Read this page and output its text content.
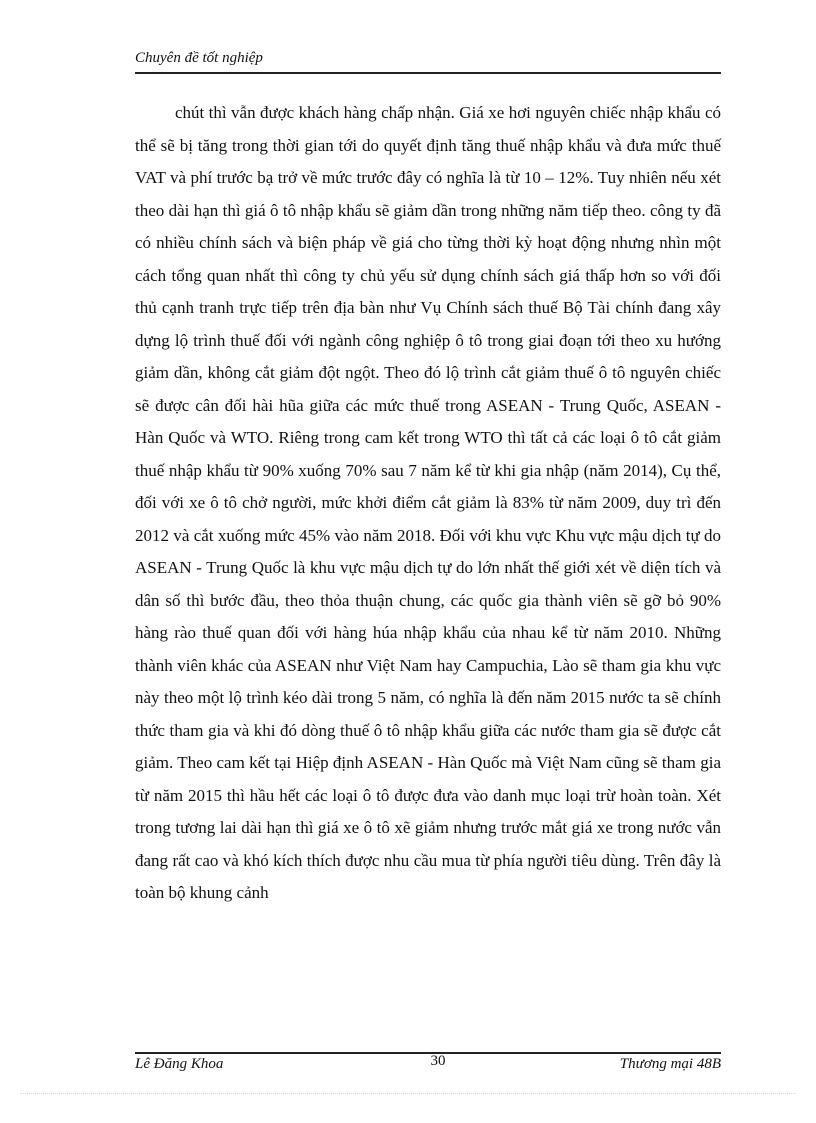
Chuyên đề tốt nghiệp

chút thì vẫn được khách hàng chấp nhận. Giá xe hơi nguyên chiếc nhập khẩu có thể sẽ bị tăng trong thời gian tới do quyết định tăng thuế nhập khẩu và đưa mức thuế VAT và phí trước bạ trở về mức trước đây có nghĩa là từ 10 – 12%. Tuy nhiên nếu xét theo dài hạn thì giá ô tô nhập khẩu sẽ giảm dần trong những năm tiếp theo. công ty đã có nhiều chính sách và biện pháp về giá cho từng thời kỳ hoạt động nhưng nhìn một cách tổng quan nhất thì công ty chủ yếu sử dụng chính sách giá thấp hơn so với đối thủ cạnh tranh trực tiếp trên địa bàn như Vụ Chính sách thuế Bộ Tài chính đang xây dựng lộ trình thuế đối với ngành công nghiệp ô tô trong giai đoạn tới theo xu hướng giảm dần, không cắt giảm đột ngột. Theo đó lộ trình cắt giảm thuế ô tô nguyên chiếc sẽ được cân đối hài hũa giữa các mức thuế trong ASEAN - Trung Quốc, ASEAN - Hàn Quốc và WTO. Riêng trong cam kết trong WTO thì tất cả các loại ô tô cắt giảm thuế nhập khẩu từ 90% xuống 70% sau 7 năm kể từ khi gia nhập (năm 2014), Cụ thể, đối với xe ô tô chở người, mức khởi điểm cắt giảm là 83% từ năm 2009, duy trì đến 2012 và cắt xuống mức 45% vào năm 2018. Đối với khu vực Khu vực mậu dịch tự do ASEAN - Trung Quốc là khu vực mậu dịch tự do lớn nhất thế giới xét về diện tích và dân số thì bước đầu, theo thỏa thuận chung, các quốc gia thành viên sẽ gỡ bỏ 90% hàng rào thuế quan đối với hàng húa nhập khẩu của nhau kể từ năm 2010. Những thành viên khác của ASEAN như Việt Nam hay Campuchia, Lào sẽ tham gia khu vực này theo một lộ trình kéo dài trong 5 năm, có nghĩa là đến năm 2015 nước ta sẽ chính thức tham gia và khi đó dòng thuế ô tô nhập khẩu giữa các nước tham gia sẽ được cắt giảm. Theo cam kết tại Hiệp định ASEAN - Hàn Quốc mà Việt Nam cũng sẽ tham gia từ năm 2015 thì hầu hết các loại ô tô được đưa vào danh mục loại trừ hoàn toàn. Xét trong tương lai dài hạn thì giá xe ô tô xẽ giảm nhưng trước mắt giá xe trong nước vẫn đang rất cao và khó kích thích được nhu cầu mua từ phía người tiêu dùng. Trên đây là toàn bộ khung cảnh

Lê Đăng Khoa	30	Thương mại 48B
